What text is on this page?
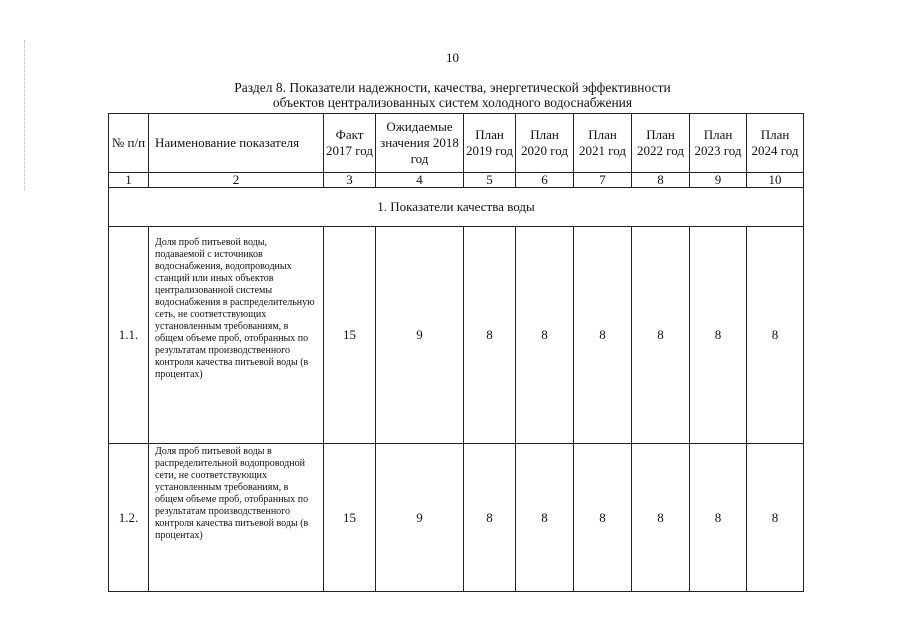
10
Раздел 8. Показатели надежности, качества, энергетической эффективности
объектов централизованных систем холодного водоснабжения
№ п/п	Наименование показателя	Факт 2017 год	Ожидаемые значения 2018 год	План 2019 год	План 2020 год	План 2021 год	План 2022 год	План 2023 год	План 2024 год
1	2	3	4	5	6	7	8	9	10
1. Показатели качества воды									
1.1.	Доля проб питьевой воды, подаваемой с источников водоснабжения, водопроводных станций или иных объектов централизованной системы водоснабжения в распределительную сеть, не соответствующих установленным требованиям, в общем объеме проб, отобранных по результатам производственного контроля качества питьевой воды (в процентах)	15	9	8	8	8	8	8	8
1.2.	Доля проб питьевой воды в распределительной водопроводной сети, не соответствующих установленным требованиям, в общем объеме проб, отобранных по результатам производственного контроля качества питьевой воды (в процентах)	15	9	8	8	8	8	8	8
